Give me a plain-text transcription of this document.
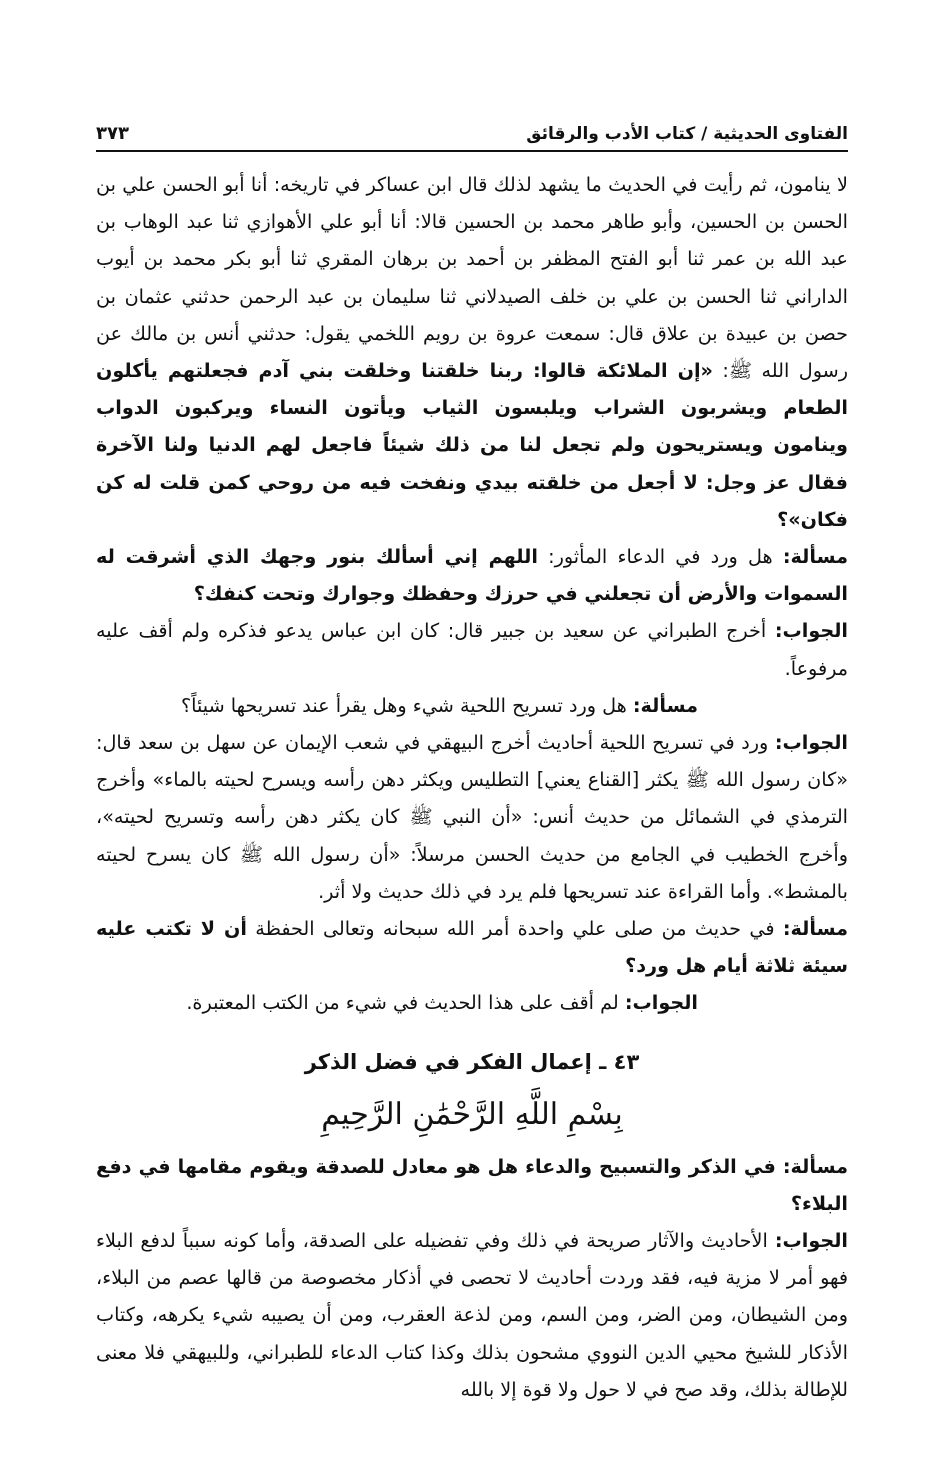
الفتاوى الحديثية / كتاب الأدب والرقائق
٣٧٣

لا ينامون، ثم رأيت في الحديث ما يشهد لذلك قال ابن عساكر في تاريخه: أنا أبو الحسن علي بن الحسن بن الحسين، وأبو طاهر محمد بن الحسين قالا: أنا أبو علي الأهوازي ثنا عبد الوهاب بن عبد الله بن عمر ثنا أبو الفتح المظفر بن أحمد بن برهان المقري ثنا أبو بكر محمد بن أيوب الداراني ثنا الحسن بن علي بن خلف الصيدلاني ثنا سليمان بن عبد الرحمن حدثني عثمان بن حصن بن عبيدة بن علاق قال: سمعت عروة بن رويم اللخمي يقول: حدثني أنس بن مالك عن رسول الله ﷺ: «إن الملائكة قالوا: ربنا خلقتنا وخلقت بني آدم فجعلتهم يأكلون الطعام ويشربون الشراب ويلبسون الثياب ويأتون النساء ويركبون الدواب وينامون ويستريحون ولم تجعل لنا من ذلك شيئاً فاجعل لهم الدنيا ولنا الآخرة فقال عز وجل: لا أجعل من خلقته بيدي ونفخت فيه من روحي كمن قلت له كن فكان»؟

مسألة: هل ورد في الدعاء المأثور: اللهم إني أسألك بنور وجهك الذي أشرقت له السموات والأرض أن تجعلني في حرزك وحفظك وجوارك وتحت كنفك؟

الجواب: أخرج الطبراني عن سعيد بن جبير قال: كان ابن عباس يدعو فذكره ولم أقف عليه مرفوعاً.

مسألة: هل ورد تسريح اللحية شيء وهل يقرأ عند تسريحها شيئاً؟

الجواب: ورد في تسريح اللحية أحاديث أخرج البيهقي في شعب الإيمان عن سهل بن سعد قال: «كان رسول الله ﷺ يكثر [القناع يعني] التطليس ويكثر دهن رأسه ويسرح لحيته بالماء» وأخرج الترمذي في الشمائل من حديث أنس: «أن النبي ﷺ كان يكثر دهن رأسه وتسريح لحيته»، وأخرج الخطيب في الجامع من حديث الحسن مرسلاً: «أن رسول الله ﷺ كان يسرح لحيته بالمشط». وأما القراءة عند تسريحها فلم يرد في ذلك حديث ولا أثر.

مسألة: في حديث من صلى علي واحدة أمر الله سبحانه وتعالى الحفظة أن لا تكتب عليه سيئة ثلاثة أيام هل ورد؟

الجواب: لم أقف على هذا الحديث في شيء من الكتب المعتبرة.

٤٣ ـ إعمال الفكر في فضل الذكر
بِسْمِ اللَّهِ الرَّحْمَٰنِ الرَّحِيمِ

مسألة: في الذكر والتسبيح والدعاء هل هو معادل للصدقة ويقوم مقامها في دفع البلاء؟

الجواب: الأحاديث والآثار صريحة في ذلك وفي تفضيله على الصدقة، وأما كونه سبباً لدفع البلاء فهو أمر لا مزية فيه، فقد وردت أحاديث لا تحصى في أذكار مخصوصة من قالها عصم من البلاء، ومن الشيطان، ومن الضر، ومن السم، ومن لذعة العقرب، ومن أن يصيبه شيء يكرهه، وكتاب الأذكار للشيخ محيي الدين النووي مشحون بذلك وكذا كتاب الدعاء للطبراني، وللبيهقي فلا معنى للإطالة بذلك، وقد صح في لا حول ولا قوة إلا بالله
